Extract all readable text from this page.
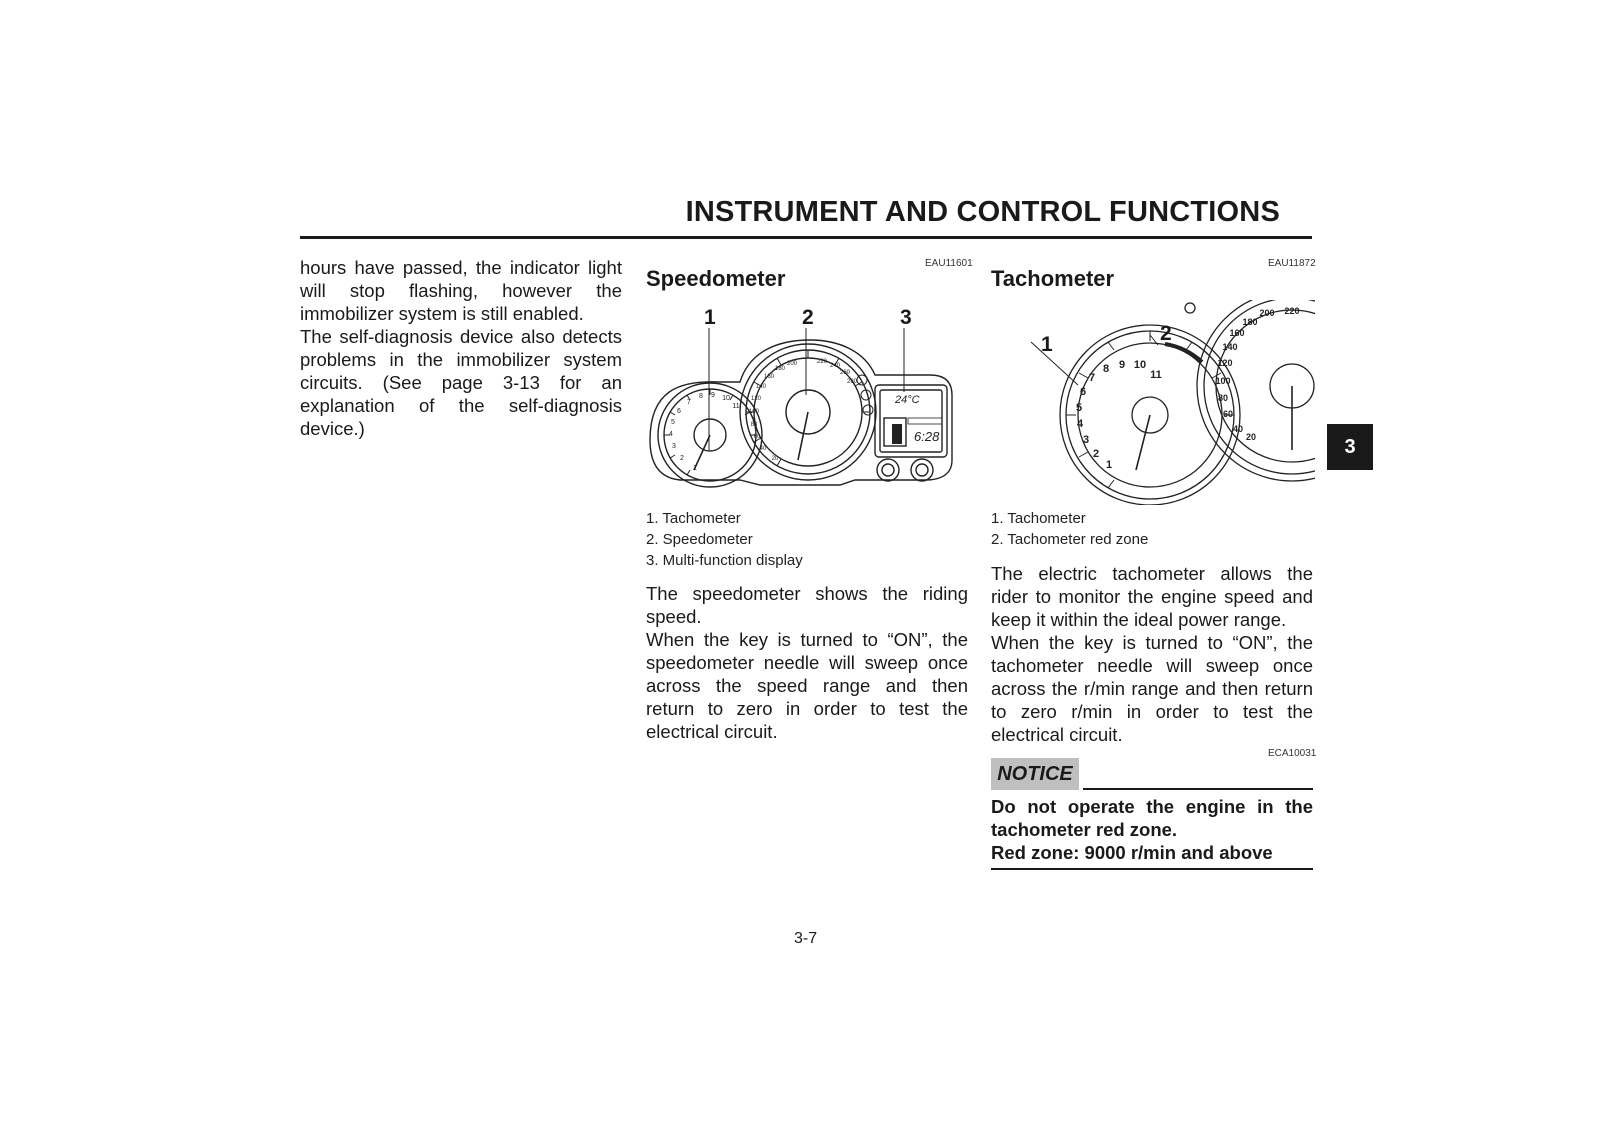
INSTRUMENT AND CONTROL FUNCTIONS

hours have passed, the indicator light will stop flashing, however the immobilizer system is still enabled.

The self-diagnosis device also detects problems in the immobilizer system circuits. (See page 3-13 for an explanation of the self-diagnosis device.)

EAU11601
Speedometer
1	2	3
1
2
3
4
5
6
7
8 9 10
11
20
40
60
80
100
120
140
160
180
200	220
240
260
280
24°C
6:28
1. Tachometer
2. Speedometer
3. Multi-function display

The speedometer shows the riding speed.

When the key is turned to “ON”, the speedometer needle will sweep once across the speed range and then return to zero in order to test the electrical circuit.

EAU11872
Tachometer
1
2
3
4
5
6
7
8 9 10
11
20
40
60
80
100
120
140
160
180
200 220
1	2
1. Tachometer
2. Tachometer red zone

The electric tachometer allows the rider to monitor the engine speed and keep it within the ideal power range.

When the key is turned to “ON”, the tachometer needle will sweep once across the r/min range and then return to zero r/min in order to test the electrical circuit.

ECA10031
NOTICE
Do not operate the engine in the tachometer red zone.
Red zone: 9000 r/min and above
3
3-7
